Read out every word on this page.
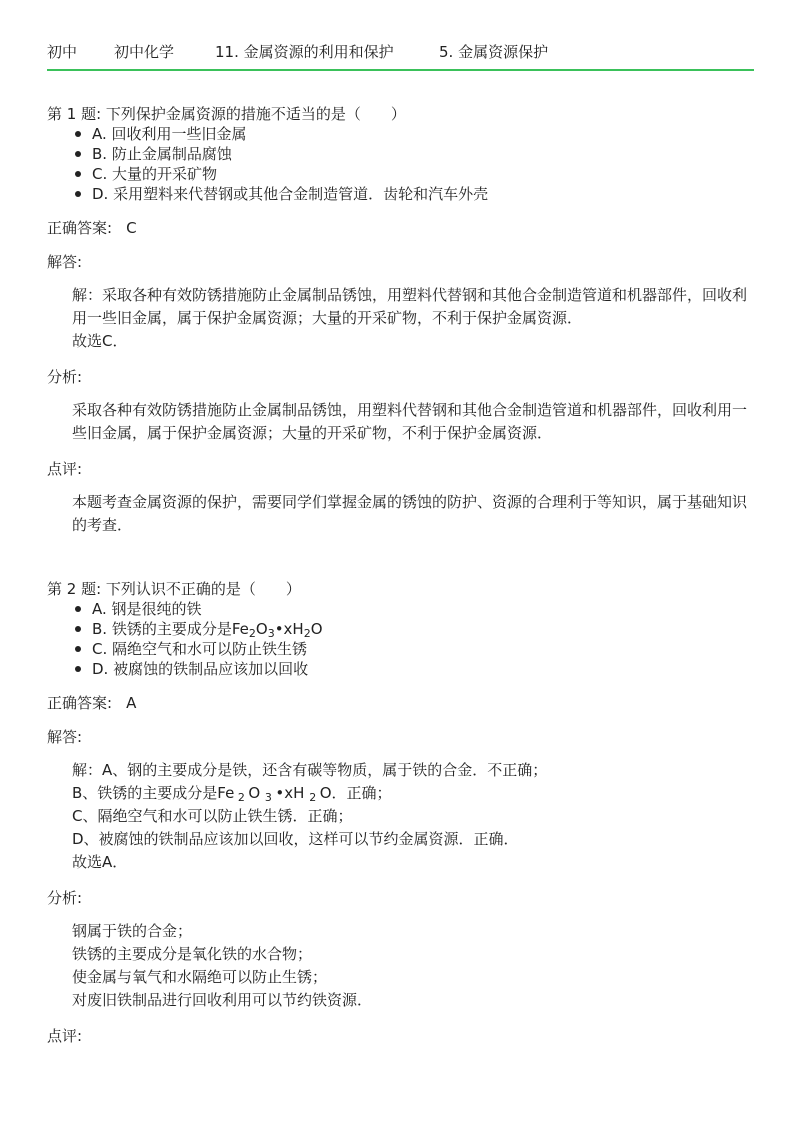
初中	初中化学	11. 金属资源的利用和保护	5. 金属资源保护
第 1 题: 下列保护金属资源的措施不适当的是（　　）
A. 回收利用一些旧金属
B. 防止金属制品腐蚀
C. 大量的开采矿物
D. 采用塑料来代替钢或其他合金制造管道．齿轮和汽车外壳
正确答案: C
解答:

解：采取各种有效防锈措施防止金属制品锈蚀，用塑料代替钢和其他合金制造管道和机器部件，回收利用一些旧金属，属于保护金属资源；大量的开采矿物，不利于保护金属资源．

故选C．

分析:

采取各种有效防锈措施防止金属制品锈蚀，用塑料代替钢和其他合金制造管道和机器部件，回收利用一些旧金属，属于保护金属资源；大量的开采矿物，不利于保护金属资源．

点评:

本题考查金属资源的保护，需要同学们掌握金属的锈蚀的防护、资源的合理利于等知识，属于基础知识的考查．

第 2 题: 下列认识不正确的是（　　）
A. 钢是很纯的铁
B. 铁锈的主要成分是$Fe_2O_3•xH_2O$
C. 隔绝空气和水可以防止铁生锈
D. 被腐蚀的铁制品应该加以回收
正确答案: A
解答:

解：A、钢的主要成分是铁，还含有碳等物质，属于铁的合金．不正确；

B、铁锈的主要成分是Fe $_2$ O $_3$ •xH $_2$ O．正确；

C、隔绝空气和水可以防止铁生锈．正确；

D、被腐蚀的铁制品应该加以回收，这样可以节约金属资源．正确．

故选A．

分析:

钢属于铁的合金；

铁锈的主要成分是氧化铁的水合物；

使金属与氧气和水隔绝可以防止生锈；

对废旧铁制品进行回收利用可以节约铁资源．

点评:
